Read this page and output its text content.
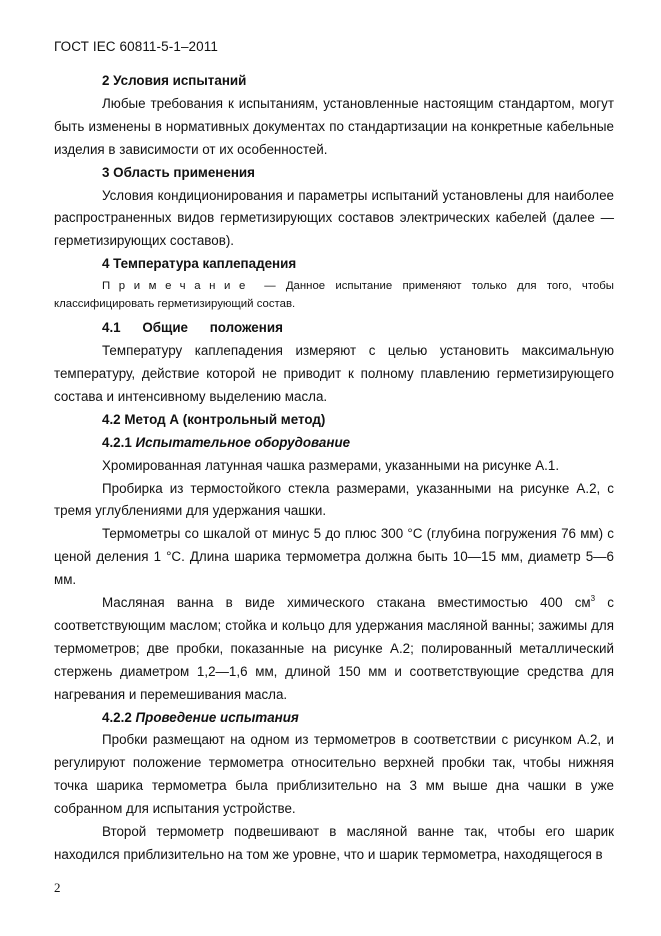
ГОСТ IEC 60811-5-1–2011

2 Условия испытаний

Любые требования к испытаниям, установленные настоящим стандартом, могут быть изменены в нормативных документах по стандартизации на конкретные кабельные изделия в зависимости от их особенностей.

3 Область применения

Условия кондиционирования и параметры испытаний установлены для наиболее распространенных видов герметизирующих составов электрических кабелей (далее — герметизирующих составов).

4 Температура каплепадения

Примечание — Данное испытание применяют только для того, чтобы классифицировать герметизирующий состав.

4.1 Общие положения

Температуру каплепадения измеряют с целью установить максимальную температуру, действие которой не приводит к полному плавлению герметизирующего состава и интенсивному выделению масла.

4.2 Метод А (контрольный метод)

4.2.1 Испытательное оборудование

Хромированная латунная чашка размерами, указанными на рисунке А.1.

Пробирка из термостойкого стекла размерами, указанными на рисунке А.2, с тремя углублениями для удержания чашки.

Термометры со шкалой от минус 5 до плюс 300 °С (глубина погружения 76 мм) с ценой деления 1 °С. Длина шарика термометра должна быть 10—15 мм, диаметр 5—6 мм.

Масляная ванна в виде химического стакана вместимостью 400 $см^3$ с соответствующим маслом; стойка и кольцо для удержания масляной ванны; зажимы для термометров; две пробки, показанные на рисунке А.2; полированный металлический стержень диаметром 1,2—1,6 мм, длиной 150 мм и соответствующие средства для нагревания и перемешивания масла.

4.2.2 Проведение испытания

Пробки размещают на одном из термометров в соответствии с рисунком А.2, и регулируют положение термометра относительно верхней пробки так, чтобы нижняя точка шарика термометра была приблизительно на 3 мм выше дна чашки в уже собранном для испытания устройстве.

Второй термометр подвешивают в масляной ванне так, чтобы его шарик находился приблизительно на том же уровне, что и шарик термометра, находящегося в

2
